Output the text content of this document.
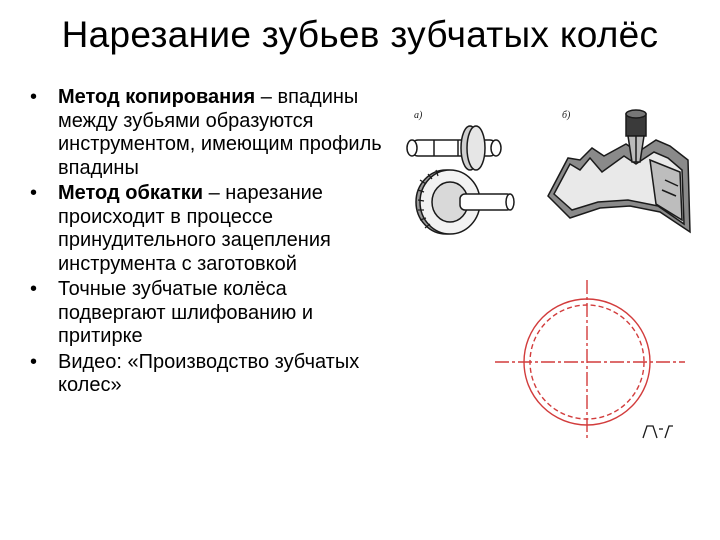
Нарезание зубьев зубчатых колёс
• Метод копирования – впадины между зубьями образуются инструментом, имеющим профиль впадины
• Метод обкатки – нарезание происходит в процессе принудительного зацепления инструмента с заготовкой
• Точные зубчатые колёса подвергают шлифованию и притирке
• Видео: «Производство зубчатых колес»
а)	б)
